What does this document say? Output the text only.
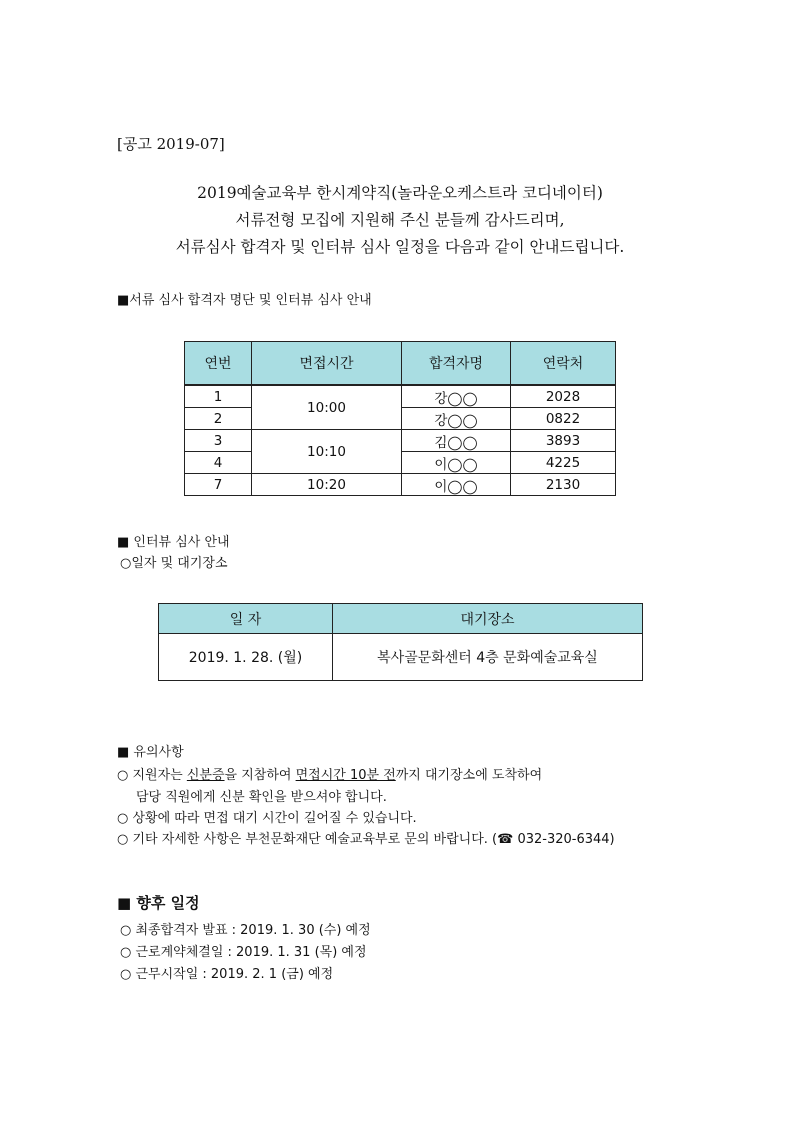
[공고 2019-07]
2019예술교육부 한시계약직(놀라운오케스트라 코디네이터)
서류전형 모집에 지원해 주신 분들께 감사드리며,
서류심사 합격자 및 인터뷰 심사 일정을 다음과 같이 안내드립니다.
■서류 심사 합격자 명단 및 인터뷰 심사 안내
연번	면접시간	합격자명	연락처
1	10:00	강◯◯	2028
2		강◯◯	0822
3	10:10	김◯◯	3893
4		이◯◯	4225
7	10:20	이◯◯	2130
■ 인터뷰 심사 안내
○일자 및 대기장소
일 자	대기장소
2019. 1. 28. (월)	복사골문화센터 4층 문화예술교육실
■ 유의사항
○ 지원자는 신분증을 지참하여 면접시간 10분 전까지 대기장소에 도착하여
담당 직원에게 신분 확인을 받으셔야 합니다.
○ 상황에 따라 면접 대기 시간이 길어질 수 있습니다.
○ 기타 자세한 사항은 부천문화재단 예술교육부로 문의 바랍니다. (☎ 032-320-6344)
■ 향후 일정
○ 최종합격자 발표 : 2019. 1. 30 (수) 예정
○ 근로계약체결일 : 2019. 1. 31 (목) 예정
○ 근무시작일 : 2019. 2. 1 (금) 예정
